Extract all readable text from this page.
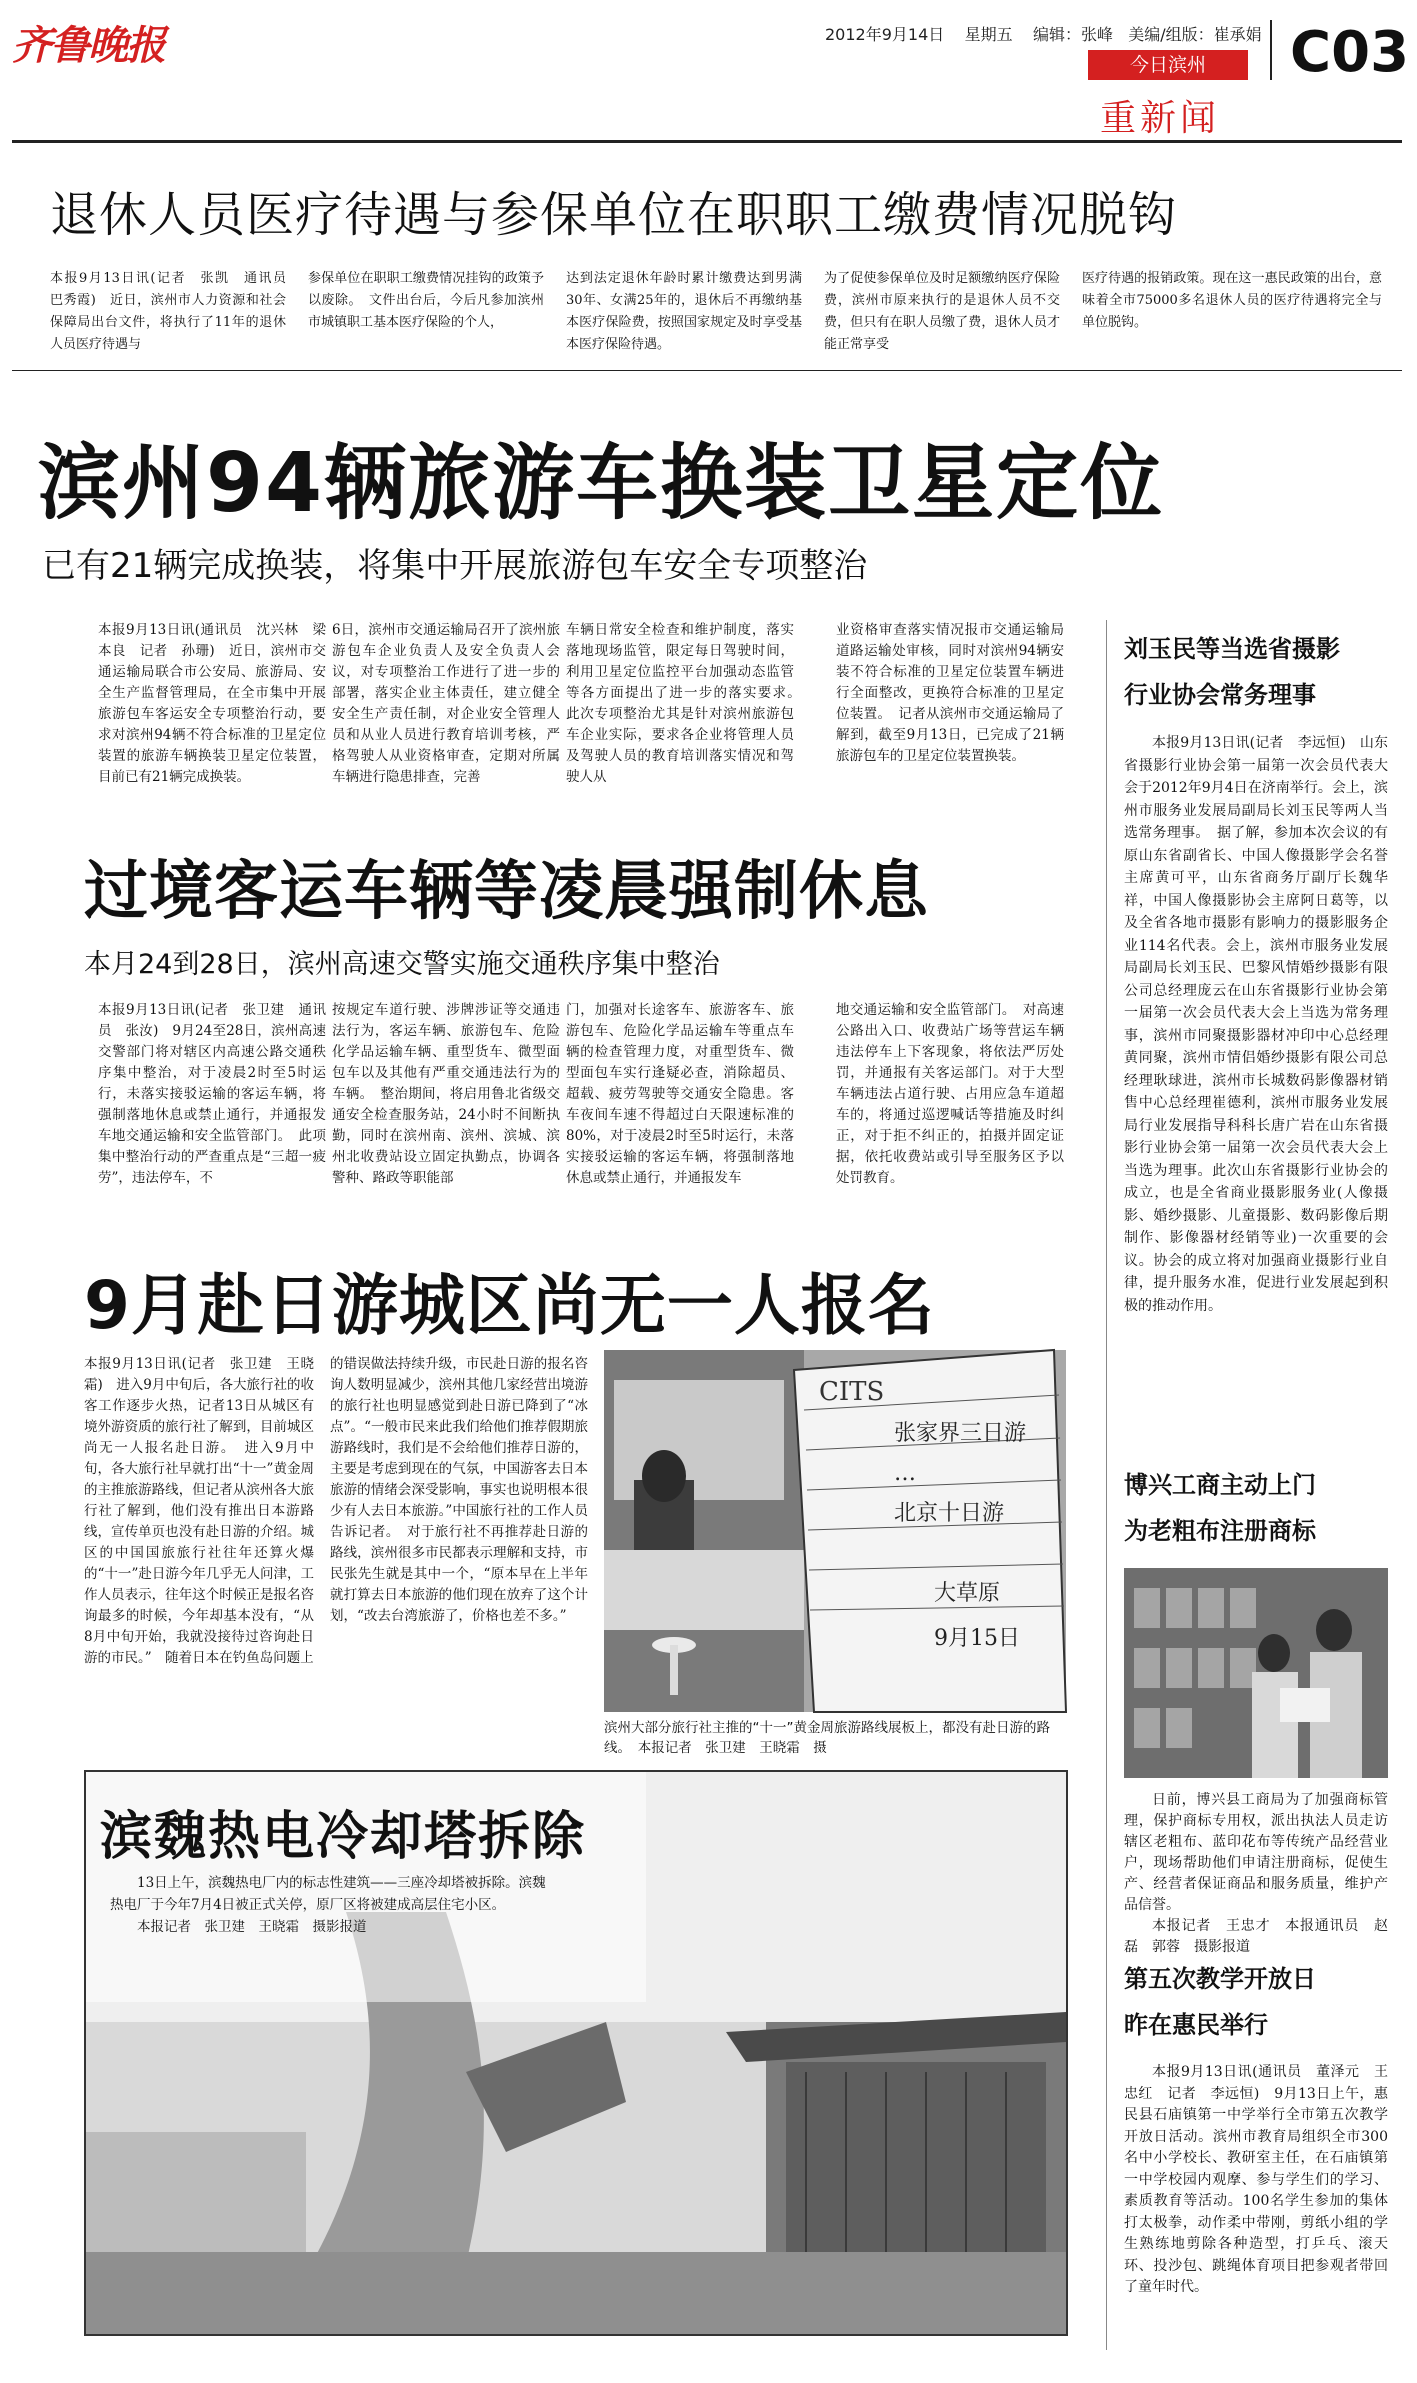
齐鲁晚报	2012年9月14日 星期五 编辑：张峰 美编/组版：崔承娟
今日滨州
重新闻
C03
退休人员医疗待遇与参保单位在职职工缴费情况脱钩
本报9月13日讯(记者　张凯　通讯员　巴秀霞)　近日，滨州市人力资源和社会保障局出台文件，将执行了11年的退休人员医疗待遇与
参保单位在职职工缴费情况挂钩的政策予以废除。　文件出台后，今后凡参加滨州市城镇职工基本医疗保险的个人，
达到法定退休年龄时累计缴费达到男满30年、女满25年的，退休后不再缴纳基本医疗保险费，按照国家规定及时享受基本医疗保险待遇。
为了促使参保单位及时足额缴纳医疗保险费，滨州市原来执行的是退休人员不交费，但只有在职人员缴了费，退休人员才能正常享受
医疗待遇的报销政策。现在这一惠民政策的出台，意味着全市75000多名退休人员的医疗待遇将完全与单位脱钩。
滨州94辆旅游车换装卫星定位
已有21辆完成换装，将集中开展旅游包车安全专项整治
本报9月13日讯(通讯员　沈兴林　梁本良　记者　孙珊)　近日，滨州市交通运输局联合市公安局、旅游局、安全生产监督管理局，在全市集中开展旅游包车客运安全专项整治行动，要求对滨州94辆不符合标准的卫星定位装置的旅游车辆换装卫星定位装置，目前已有21辆完成换装。
6日，滨州市交通运输局召开了滨州旅游包车企业负责人及安全负责人会议，对专项整治工作进行了进一步的部署，落实企业主体责任，建立健全安全生产责任制，对企业安全管理人员和从业人员进行教育培训考核，严格驾驶人从业资格审查，定期对所属车辆进行隐患排查，完善
车辆日常安全检查和维护制度，落实落地现场监管，限定每日驾驶时间，利用卫星定位监控平台加强动态监管等各方面提出了进一步的落实要求。　此次专项整治尤其是针对滨州旅游包车企业实际，要求各企业将管理人员及驾驶人员的教育培训落实情况和驾驶人从
业资格审查落实情况报市交通运输局道路运输处审核，同时对滨州94辆安装不符合标准的卫星定位装置车辆进行全面整改，更换符合标准的卫星定位装置。　记者从滨州市交通运输局了解到，截至9月13日，已完成了21辆旅游包车的卫星定位装置换装。
过境客运车辆等凌晨强制休息
本月24到28日，滨州高速交警实施交通秩序集中整治
本报9月13日讯(记者　张卫建　通讯员　张汝)　9月24至28日，滨州高速交警部门将对辖区内高速公路交通秩序集中整治，对于凌晨2时至5时运行，未落实接驳运输的客运车辆，将强制落地休息或禁止通行，并通报发车地交通运输和安全监管部门。　此项集中整治行动的严查重点是“三超一疲劳”，违法停车，不
按规定车道行驶、涉牌涉证等交通违法行为，客运车辆、旅游包车、危险化学品运输车辆、重型货车、微型面包车以及其他有严重交通违法行为的车辆。　整治期间，将启用鲁北省级交通安全检查服务站，24小时不间断执勤，同时在滨州南、滨州、滨城、滨州北收费站设立固定执勤点，协调各警种、路政等职能部
门，加强对长途客车、旅游客车、旅游包车、危险化学品运输车等重点车辆的检查管理力度，对重型货车、微型面包车实行逢疑必查，消除超员、超载、疲劳驾驶等交通安全隐患。客车夜间车速不得超过白天限速标准的80%，对于凌晨2时至5时运行，未落实接驳运输的客运车辆，将强制落地休息或禁止通行，并通报发车
地交通运输和安全监管部门。　对高速公路出入口、收费站广场等营运车辆违法停车上下客现象，将依法严厉处罚，并通报有关客运部门。对于大型车辆违法占道行驶、占用应急车道超车的，将通过巡逻喊话等措施及时纠正，对于拒不纠正的，拍摄并固定证据，依托收费站或引导至服务区予以处罚教育。
9月赴日游城区尚无一人报名
本报9月13日讯(记者　张卫建　王晓霜)　进入9月中旬后，各大旅行社的收客工作逐步火热，记者13日从城区有境外游资质的旅行社了解到，目前城区尚无一人报名赴日游。　进入9月中旬，各大旅行社早就打出“十一”黄金周的主推旅游路线，但记者从滨州各大旅行社了解到，他们没有推出日本游路线，宣传单页也没有赴日游的介绍。城区的中国国旅旅行社往年还算火爆的“十一”赴日游今年几乎无人问津，工作人员表示，往年这个时候正是报名咨询最多的时候，今年却基本没有，“从8月中旬开始，我就没接待过咨询赴日游的市民。”　随着日本在钓鱼岛问题上
的错误做法持续升级，市民赴日游的报名咨询人数明显减少，滨州其他几家经营出境游的旅行社也明显感觉到赴日游已降到了“冰点”。“一般市民来此我们给他们推荐假期旅游路线时，我们是不会给他们推荐日游的，主要是考虑到现在的气氛，中国游客去日本旅游的情绪会深受影响，事实也说明根本很少有人去日本旅游。”中国旅行社的工作人员告诉记者。　对于旅行社不再推荐赴日游的路线，滨州很多市民都表示理解和支持，市民张先生就是其中一个，“原本早在上半年就打算去日本旅游的他们现在放弃了这个计划，“改去台湾旅游了，价格也差不多。”
CITS
张家界三日游
…
北京十日游
大草原
9月15日
滨州大部分旅行社主推的“十一”黄金周旅游路线展板上，都没有赴日游的路线。　本报记者　张卫建　王晓霜　摄
滨魏热电冷却塔拆除
13日上午，滨魏热电厂内的标志性建筑——三座冷却塔被拆除。滨魏热电厂于今年7月4日被正式关停，原厂区将被建成高层住宅小区。
本报记者　张卫建　王晓霜　摄影报道
刘玉民等当选省摄影
行业协会常务理事
本报9月13日讯(记者　李远恒)　山东省摄影行业协会第一届第一次会员代表大会于2012年9月4日在济南举行。会上，滨州市服务业发展局副局长刘玉民等两人当选常务理事。　据了解，参加本次会议的有原山东省副省长、中国人像摄影学会名誉主席黄可平，山东省商务厅副厅长魏华祥，中国人像摄影协会主席阿日葛等，以及全省各地市摄影有影响力的摄影服务企业114名代表。会上，滨州市服务业发展局副局长刘玉民、巴黎风情婚纱摄影有限公司总经理庞云在山东省摄影行业协会第一届第一次会员代表大会上当选为常务理事，滨州市同聚摄影器材冲印中心总经理黄同聚，滨州市情侣婚纱摄影有限公司总经理耿球进，滨州市长城数码影像器材销售中心总经理崔德利，滨州市服务业发展局行业发展指导科科长唐广岩在山东省摄影行业协会第一届第一次会员代表大会上当选为理事。此次山东省摄影行业协会的成立，也是全省商业摄影服务业(人像摄影、婚纱摄影、儿童摄影、数码影像后期制作、影像器材经销等业)一次重要的会议。协会的成立将对加强商业摄影行业自律，提升服务水准，促进行业发展起到积极的推动作用。
博兴工商主动上门
为老粗布注册商标
日前，博兴县工商局为了加强商标管理，保护商标专用权，派出执法人员走访辖区老粗布、蓝印花布等传统产品经营业户，现场帮助他们申请注册商标，促使生产、经营者保证商品和服务质量，维护产品信誉。
本报记者　王忠才　本报通讯员　赵磊　郭蓉　摄影报道
第五次教学开放日
昨在惠民举行
本报9月13日讯(通讯员　董泽元　王忠红　记者　李远恒)　9月13日上午，惠民县石庙镇第一中学举行全市第五次教学开放日活动。滨州市教育局组织全市300名中小学校长、教研室主任，在石庙镇第一中学校园内观摩、参与学生们的学习、素质教育等活动。100名学生参加的集体打太极拳，动作柔中带刚，剪纸小组的学生熟练地剪除各种造型，打乒乓、滚天环、投沙包、跳绳体育项目把参观者带回了童年时代。
